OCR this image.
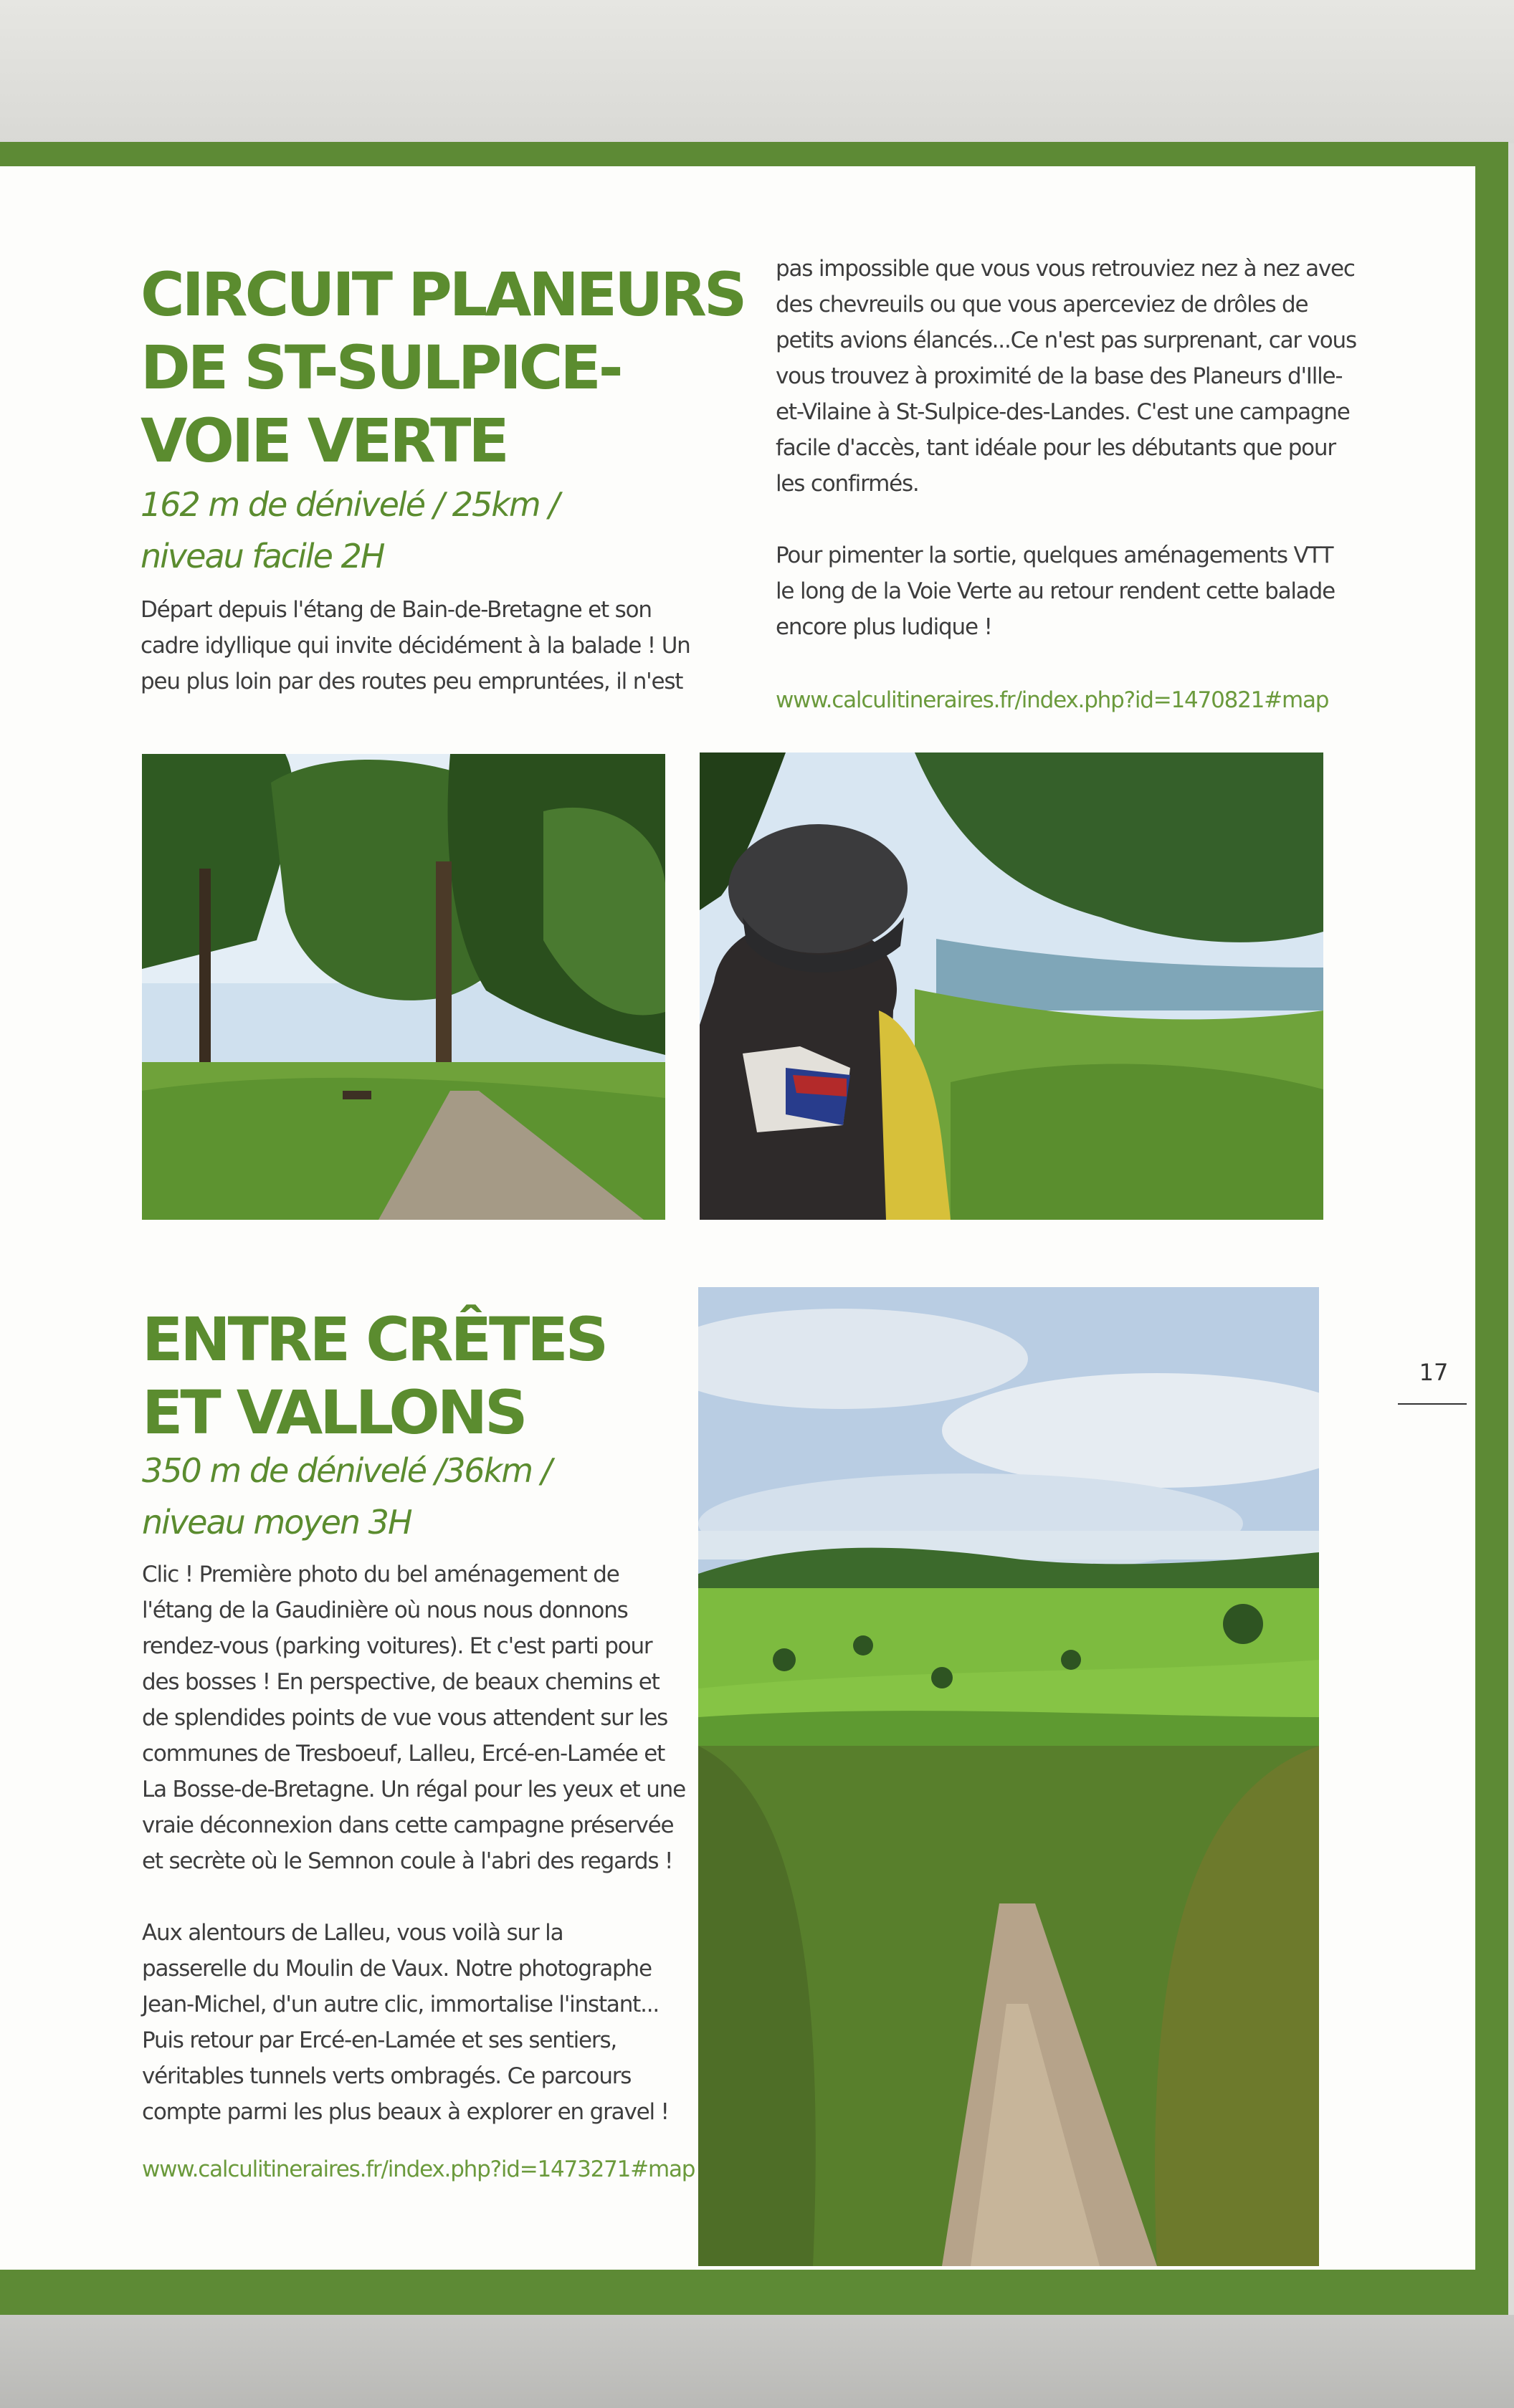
CIRCUIT PLANEURS DE ST-SULPICE-VOIE VERTE

162 m de dénivelé / 25km / niveau facile 2H

Départ depuis l'étang de Bain-de-Bretagne et son cadre idyllique qui invite décidément à la balade ! Un peu plus loin par des routes peu empruntées, il n'est

pas impossible que vous vous retrouviez nez à nez avec des chevreuils ou que vous aperceviez de drôles de petits avions élancés...Ce n'est pas surprenant, car vous vous trouvez à proximité de la base des Planeurs d'Ille-et-Vilaine à St-Sulpice-des-Landes. C'est une campagne facile d'accès, tant idéale pour les débutants que pour les confirmés.

Pour pimenter la sortie, quelques aménagements VTT le long de la Voie Verte au retour rendent cette balade encore plus ludique !

www.calculitineraires.fr/index.php?id=1470821#map
ENTRE CRÊTES ET VALLONS

350 m de dénivelé /36km / niveau moyen 3H

Clic ! Première photo du bel aménagement de l'étang de la Gaudinière où nous nous donnons rendez-vous (parking voitures). Et c'est parti pour des bosses ! En perspective, de beaux chemins et de splendides points de vue vous attendent sur les communes de Tresboeuf, Lalleu, Ercé-en-Lamée et La Bosse-de-Bretagne. Un régal pour les yeux et une vraie déconnexion dans cette campagne préservée et secrète où le Semnon coule à l'abri des regards !

Aux alentours de Lalleu, vous voilà sur la passerelle du Moulin de Vaux. Notre photographe Jean-Michel, d'un autre clic, immortalise l'instant... Puis retour par Ercé-en-Lamée et ses sentiers, véritables tunnels verts ombragés. Ce parcours compte parmi les plus beaux à explorer en gravel !

www.calculitineraires.fr/index.php?id=1473271#map
17
